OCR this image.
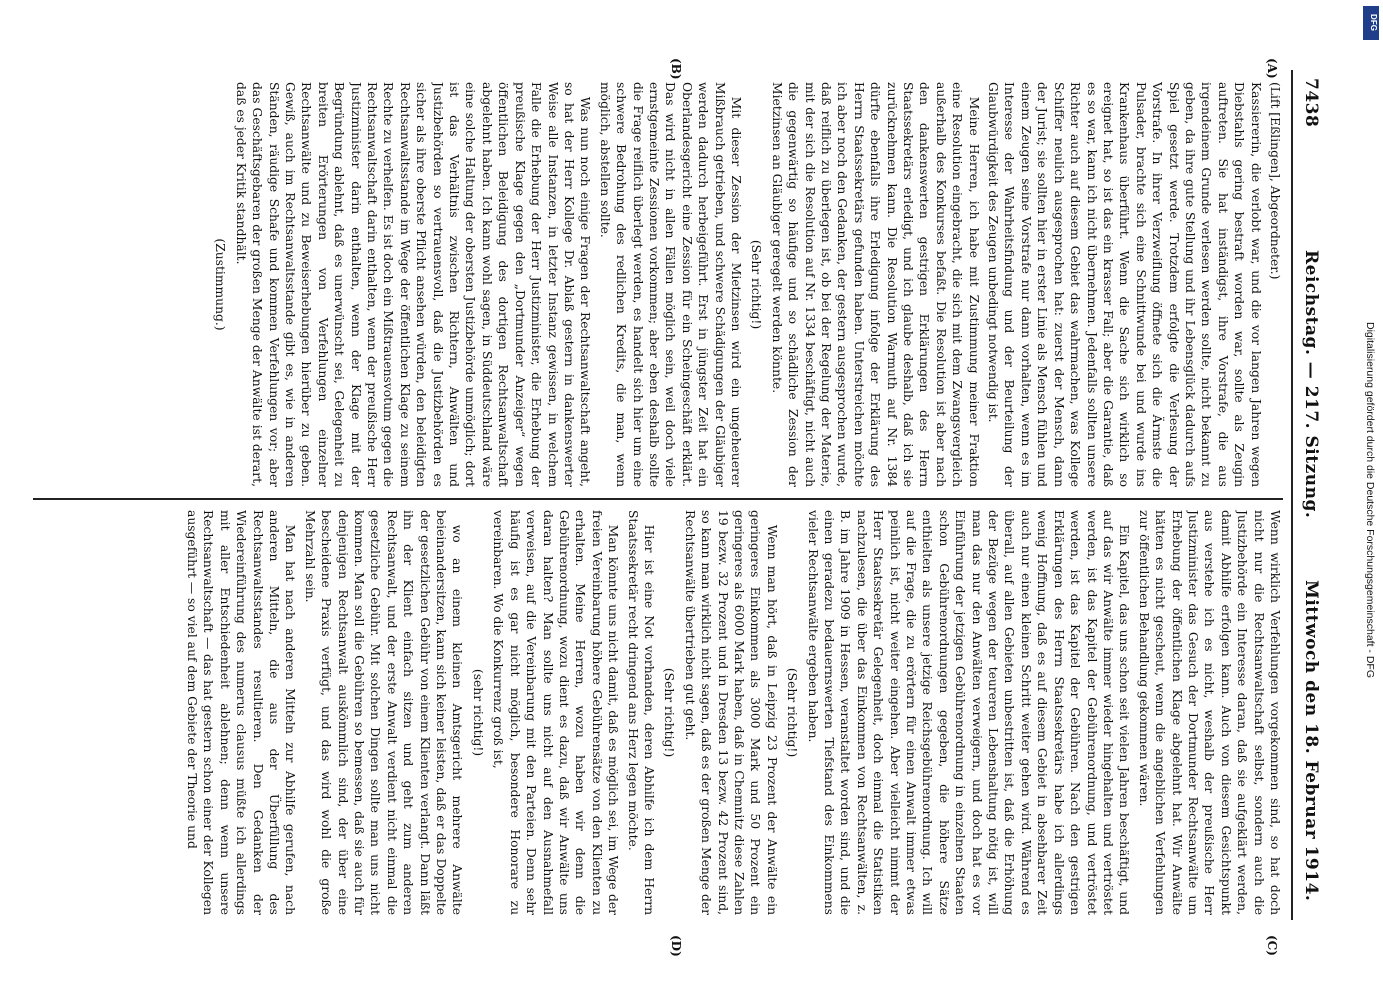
7438
Reichstag. — 217. Sitzung.
Mittwoch den 18. Februar 1914.
(A)
(B)
(C)
(D)

(Lift [Eßlingen], Abgeordneter.)

Kassiererin, die verlobt war, und die vor langen Jahren wegen Diebstahls gering bestraft worden war, sollte als Zeugin auftreten. Sie hat inständigst, ihre Vorstrafe, die aus irgendeinem Grunde verlesen werden sollte, nicht bekannt zu geben, da ihre gute Stellung und ihr Lebensglück dadurch aufs Spiel gesetzt werde. Trotzdem erfolgte die Verlesung der Vorstrafe. In ihrer Verzweiflung öffnete sich die Ärmste die Pulsader, brachte sich eine Schnittwunde bei und wurde ins Krankenhaus überführt. Wenn die Sache sich wirklich so ereignet hat, so ist das ein krasser Fall; aber die Garantie, daß es so war, kann ich nicht übernehmen. Jedenfalls sollten unsere Richter auch auf diesem Gebiet das wahrmachen, was Kollege Schiffer neulich ausgesprochen hat: zuerst der Mensch, dann der Jurist; sie sollten hier in erster Linie als Mensch fühlen und einem Zeugen seine Vorstrafe nur dann vorhalten, wenn es im Interesse der Wahrheitsfindung und der Beurteilung der Glaubwürdigkeit des Zeugen unbedingt notwendig ist.

Meine Herren, ich habe mit Zustimmung meiner Fraktion eine Resolution eingebracht, die sich mit dem Zwangsvergleich außerhalb des Konkurses befaßt. Die Resolution ist aber nach den dankenswerten gestrigen Erklärungen des Herrn Staatssekretärs erledigt, und ich glaube deshalb, daß ich sie zurücknehmen kann. Die Resolution Warmuth auf Nr. 1384 dürfte ebenfalls ihre Erledigung infolge der Erklärung des Herrn Staatssekretärs gefunden haben. Unterstreichen möchte ich aber noch den Gedanken, der gestern ausgesprochen wurde, daß reiflich zu überlegen ist, ob bei der Regelung der Materie, mit der sich die Resolution auf Nr. 1334 beschäftigt, nicht auch die gegenwärtig so häufige und so schädliche Zession der Mietzinsen an Gläubiger geregelt werden könnte.

(Sehr richtig!)

Mit dieser Zession der Mietzinsen wird ein ungeheuerer Mißbrauch getrieben, und schwere Schädigungen der Gläubiger werden dadurch herbeigeführt. Erst in jüngster Zeit hat ein Oberlandesgericht eine Zession für ein Scheingeschäft erklärt. Das wird nicht in allen Fällen möglich sein, weil doch viele ernstgemeinte Zessionen vorkommen; aber eben deshalb sollte die Frage reiflich überlegt werden, es handelt sich hier um eine schwere Bedrohung des redlichen Kredits, die man, wenn möglich, abstellen sollte.

Was nun noch einige Fragen der Rechtsanwaltschaft angeht, so hat der Herr Kollege Dr. Ablaß gestern in dankenswerter Weise alle Instanzen, in letzter Instanz gewissen, in welchem Falle die Erhebung der Herr Justizminister, die Erhebung der preußische Klage gegen den „Dortmunder Anzeiger“ wegen öffentlichen Beleidigung des dortigen Rechtsanwaltschaft abgelehnt haben. Ich kann wohl sagen, in Süddeutschland wäre eine solche Haltung der obersten Justizbehörde unmöglich; dort ist das Verhältnis zwischen Richtern, Anwälten und Justizbehörden so vertrauensvoll, daß die Justizbehörden es sicher als ihre oberste Pflicht ansehen würden, den beleidigten Rechtsanwaltsstande im Wege der öffentlichen Klage zu seinem Rechte zu verhelfen. Es ist doch ein Mißtrauensvotum gegen die Rechtsanwaltschaft darin enthalten, wenn der preußische Herr Justizminister darin enthalten, wenn der Klage mit der Begründung ablehnt, daß es unerwünscht sei, Gelegenheit zu breiten Erörterungen von Verfehlungen einzelner Rechtsanwälte und zu Beweiserhebungen hierüber zu geben. Gewiß, auch im Rechtsanwaltsstande gibt es, wie in anderen Ständen, räudige Schafe und kommen Verfehlungen vor; aber das Geschäftsgebaren der großen Menge der Anwälte ist derart, daß es jeder Kritik standhält.

(Zustimmung.)

Wenn wirklich Verfehlungen vorgekommen sind, so hat doch nicht nur die Rechtsanwaltschaft selbst, sondern auch die Justizbehörde ein Interesse daran, daß sie aufgeklärt werden, damit Abhilfe erfolgen kann. Auch von diesem Gesichtspunkt aus verstehe ich es nicht, weshalb der preußische Herr Justizminister das Gesuch der Dortmunder Rechtsanwälte um Erhebung der öffentlichen Klage abgelehnt hat. Wir Anwälte hätten es nicht gescheut, wenn die angeblichen Verfehlungen zur öffentlichen Behandlung gekommen wären.

Ein Kapitel, das uns schon seit vielen Jahren beschäftigt, und auf das wir Anwälte immer wieder hingehalten und vertröstet werden, ist das Kapitel der Gebührenordnung, und vertröstet werden, ist das Kapitel der Gebühren. Nach den gestrigen Erklärungen des Herrn Staatssekretärs habe ich allerdings wenig Hoffnung, daß es auf diesem Gebiet in absehbarer Zeit auch nur einen kleinen Schritt weiter gehen wird. Während es überall, auf allen Gebieten unbestritten ist, daß die Erhöhung der Bezüge wegen der teureren Lebenshaltung nötig ist, will man das nur den Anwälten verweigern, und doch hat es vor Einführung der jetzigen Gebührenordnung in einzelnen Staaten schon Gebührenordnungen gegeben, die höhere Sätze enthielten als unsere jetzige Reichsgebührenordnung. Ich will auf die Frage, die zu erörtern für einen Anwalt immer etwas peinlich ist, nicht weiter eingehen. Aber vielleicht nimmt der Herr Staatssekretär Gelegenheit, doch einmal die Statistiken nachzulesen, die über das Einkommen von Rechtsanwälten, z. B. im Jahre 1909 in Hessen, veranstaltet worden sind, und die einen geradezu bedauernswerten Tiefstand des Einkommens vieler Rechtsanwälte ergeben haben.

(Sehr richtig!)

Wenn man hört, daß in Leipzig 23 Prozent der Anwälte ein geringeres Einkommen als 3000 Mark und 50 Prozent ein geringeres als 6000 Mark haben, daß in Chemnitz diese Zahlen 19 bezw. 32 Prozent und in Dresden 13 bezw. 42 Prozent sind, so kann man wirklich nicht sagen, daß es der großen Menge der Rechtsanwälte übertrieben gut geht.

(Sehr richtig!)

Hier ist eine Not vorhanden, deren Abhilfe ich dem Herrn Staatssekretär recht dringend ans Herz legen möchte.

Man könnte uns nicht damit, daß es möglich sei, im Wege der freien Vereinbarung höhere Gebührensätze von den Klienten zu erhalten. Meine Herren, wozu haben wir denn die Gebührenordnung, wozu dient es dazu, daß wir Anwälte uns daran halten? Man sollte uns nicht auf den Ausnahmefall verweisen, auf die Vereinbarung mit den Parteien. Denn sehr häufig ist es gar nicht möglich, besondere Honorare zu vereinbaren. Wo die Konkurrenz groß ist,

(sehr richtig!)

wo an einem kleinen Amtsgericht mehrere Anwälte beieinandersitzen, kann sich keiner leisten, daß er das Doppelte der gesetzlichen Gebühr von einem Klienten verlangt. Dann läßt ihn der Klient einfach sitzen und geht zum anderen Rechtsanwalt, und der erste Anwalt verdient nicht einmal die gesetzliche Gebühr. Mit solchen Dingen sollte man uns nicht kommen. Man soll die Gebühren so bemessen, daß sie auch für denjenigen Rechtsanwalt auskömmlich sind, der über eine bescheidene Praxis verfügt, und das wird wohl die große Mehrzahl sein.

Man hat nach anderen Mitteln zur Abhilfe gerufen, nach anderen Mitteln, die aus der Überfüllung des Rechtsanwaltsstandes resultieren. Den Gedanken der Wiedereinführung des numerus clausus müßte ich allerdings mit aller Entschiedenheit ablehnen; denn wenn unsere Rechtsanwaltschaft — das hat gestern schon einer der Kollegen ausgeführt — so viel auf dem Gebiete der Theorie und

Digitalisierung gefördert durch die Deutsche Forschungsgemeinschaft - DFG
DFG
